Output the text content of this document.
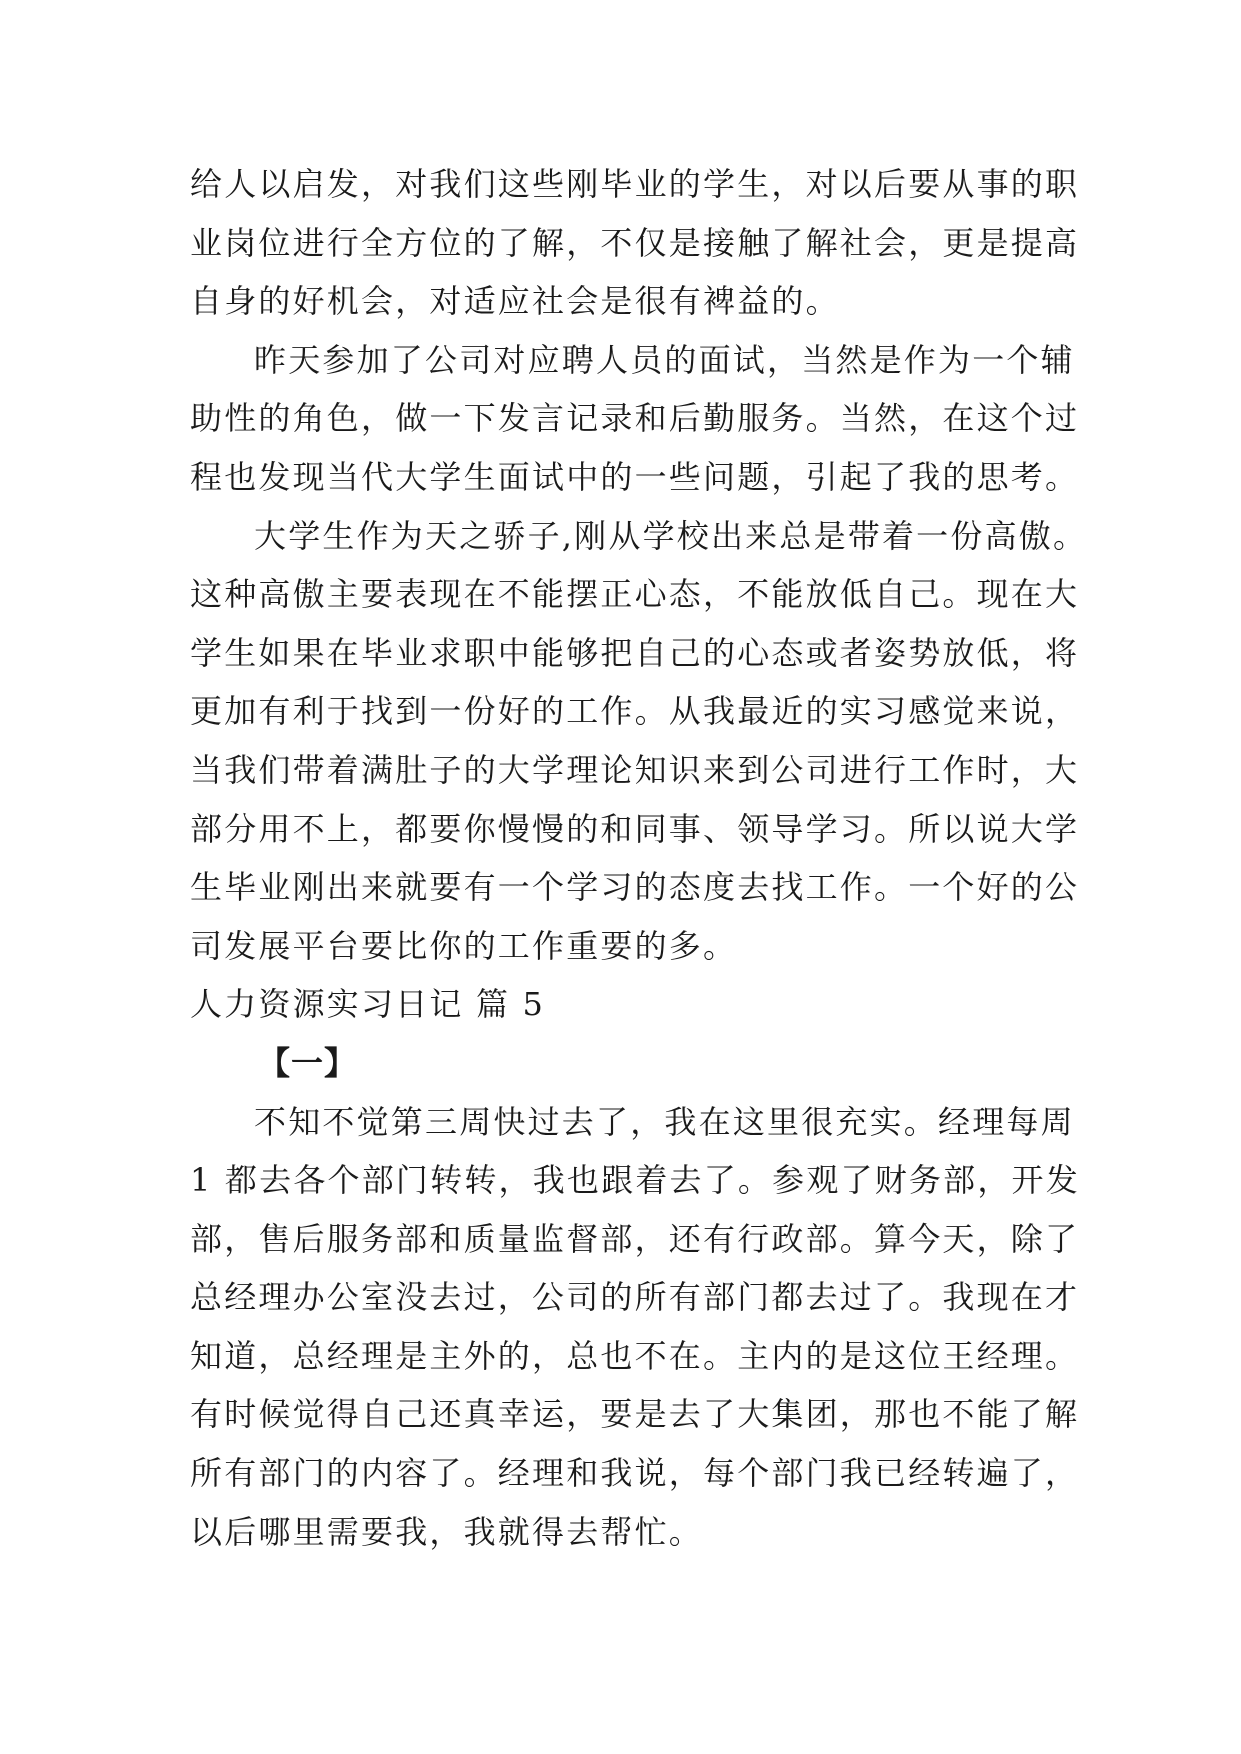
给人以启发，对我们这些刚毕业的学生，对以后要从事的职
业岗位进行全方位的了解，不仅是接触了解社会，更是提高
自身的好机会，对适应社会是很有裨益的。
昨天参加了公司对应聘人员的面试，当然是作为一个辅
助性的角色，做一下发言记录和后勤服务。当然，在这个过
程也发现当代大学生面试中的一些问题，引起了我的思考。
大学生作为天之骄子,刚从学校出来总是带着一份高傲。
这种高傲主要表现在不能摆正心态，不能放低自己。现在大
学生如果在毕业求职中能够把自己的心态或者姿势放低，将
更加有利于找到一份好的工作。从我最近的实习感觉来说，
当我们带着满肚子的大学理论知识来到公司进行工作时，大
部分用不上，都要你慢慢的和同事、领导学习。所以说大学
生毕业刚出来就要有一个学习的态度去找工作。一个好的公
司发展平台要比你的工作重要的多。
人力资源实习日记 篇 5
【一】
不知不觉第三周快过去了，我在这里很充实。经理每周
1 都去各个部门转转，我也跟着去了。参观了财务部，开发
部，售后服务部和质量监督部，还有行政部。算今天，除了
总经理办公室没去过，公司的所有部门都去过了。我现在才
知道，总经理是主外的，总也不在。主内的是这位王经理。
有时候觉得自己还真幸运，要是去了大集团，那也不能了解
所有部门的内容了。经理和我说，每个部门我已经转遍了，
以后哪里需要我，我就得去帮忙。
